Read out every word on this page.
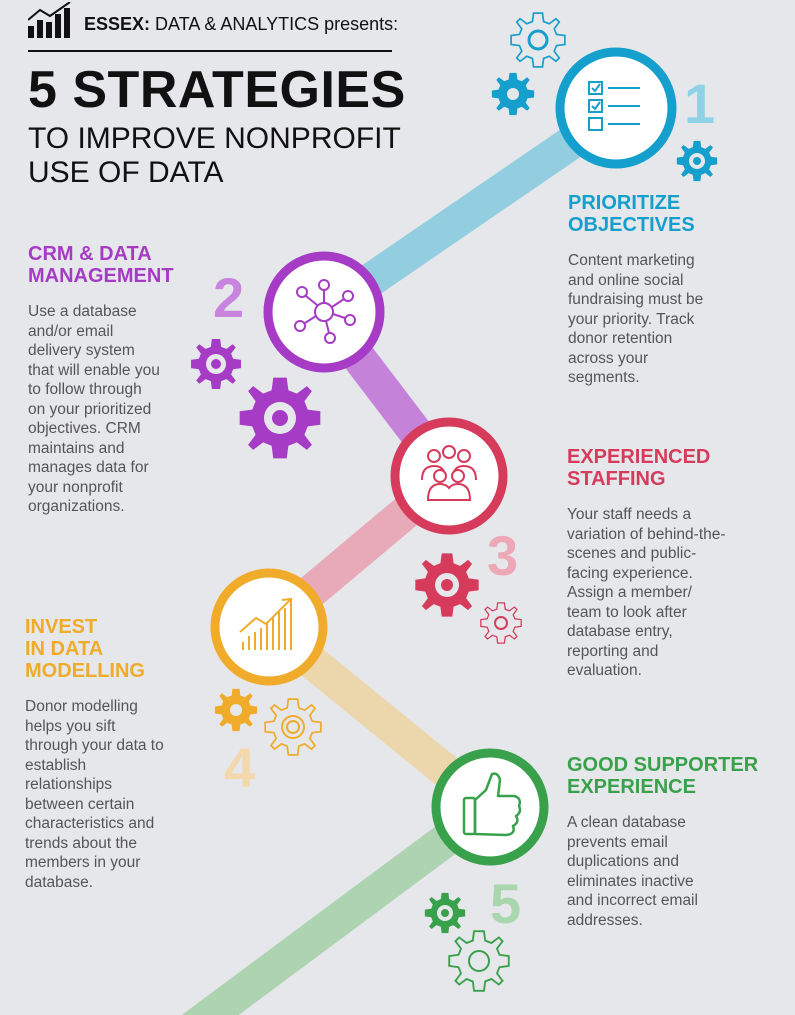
ESSEX: DATA & ANALYTICS presents:
5 STRATEGIES
TO IMPROVE NONPROFIT
USE OF DATA
1
2
3
4
5
PRIORITIZE
OBJECTIVES
Content marketing and online social fundraising must be your priority. Track donor retention across your segments.
CRM & DATA
MANAGEMENT
Use a database and/or email delivery system that will enable you to follow through on your prioritized objectives. CRM maintains and manages data for your nonprofit organizations.
EXPERIENCED
STAFFING
Your staff needs a variation of behind-the-scenes and public-facing experience. Assign a member/ team to look after database entry, reporting and evaluation.
INVEST
IN DATA
MODELLING
Donor modelling helps you sift through your data to establish relationships between certain characteristics and trends about the members in your database.
GOOD SUPPORTER
EXPERIENCE
A clean database prevents email duplications and eliminates inactive and incorrect email addresses.
